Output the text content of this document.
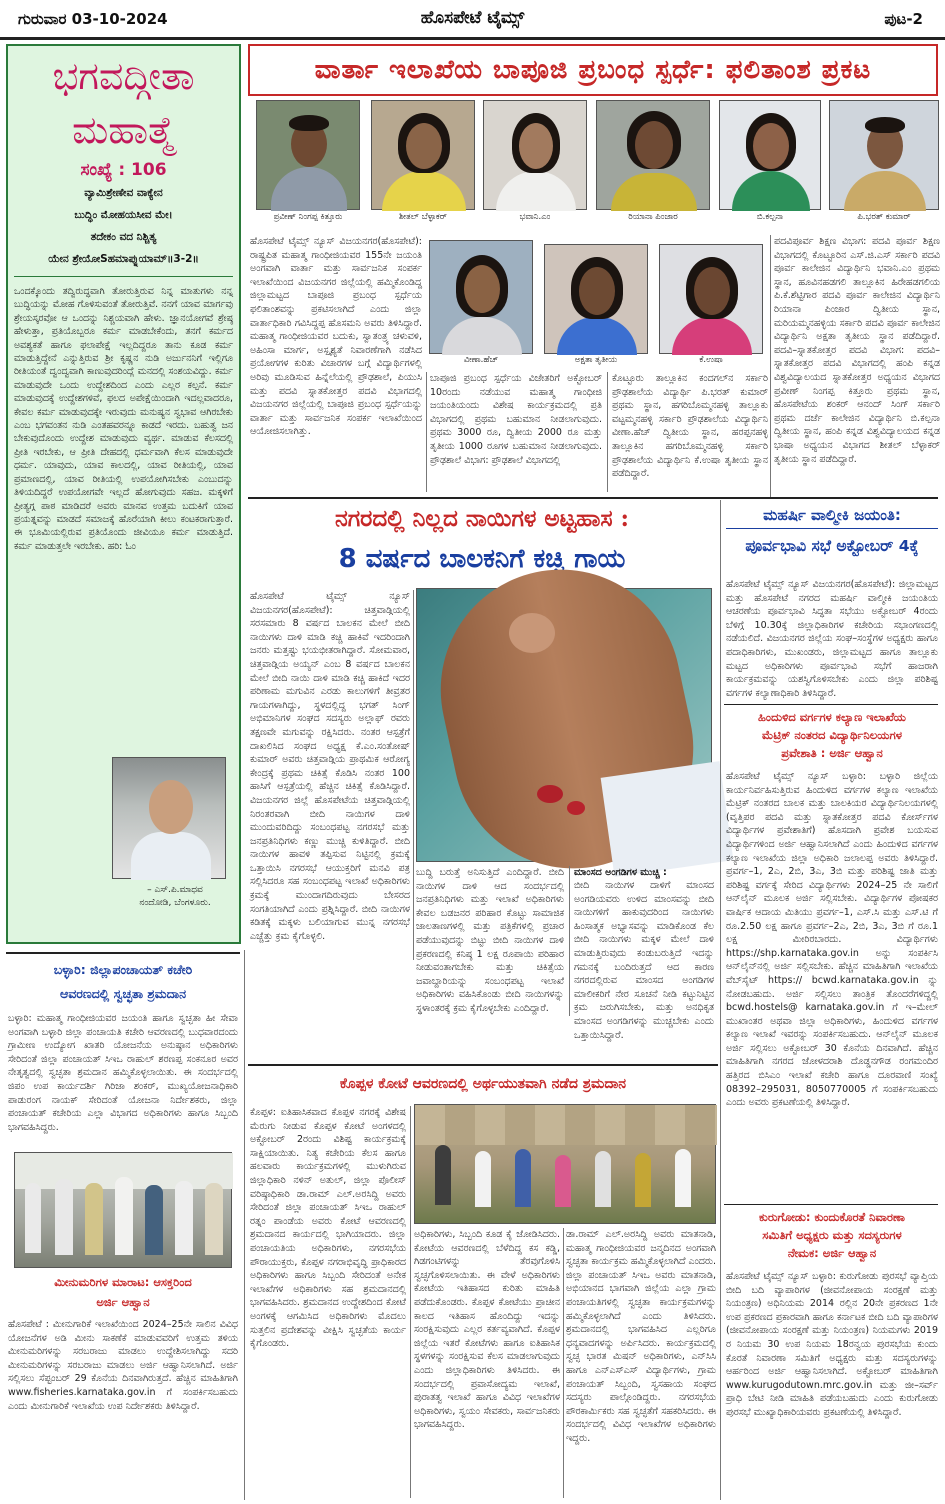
ಗುರುವಾರ 03-10-2024	ಹೊಸಪೇಟೆ ಟೈಮ್ಸ್	ಪುಟ-2
ಭಗವದ್ಗೀತಾ
ಮಹಾತ್ಮೆ
ಸಂಖ್ಯೆ : 106
ವ್ಯಾಮಿಶ್ರೇಣೇವ ವಾಕ್ಯೇನ
ಬುದ್ಧಿಂ ಮೋಹಯಸೀವ ಮೇ।
ತದೇಕಂ ವದ ನಿಶ್ಚಿತ್ಯ
ಯೇನ ಶ್ರೇಯೋSಹಮಾಪ್ನುಯಾಮ್॥3-2॥
ಒಂದಕ್ಕೊಂದು ತದ್ವಿರುದ್ಧವಾಗಿ ತೋರುತ್ತಿರುವ ನಿನ್ನ ಮಾತುಗಳು ನನ್ನ ಬುದ್ಧಿಯನ್ನು ಮೋಹ ಗೊಳಿಸುವಂತೆ ತೋರುತ್ತಿವೆ. ನನಗೆ ಯಾವ ಮಾರ್ಗವು ಶ್ರೇಯಸ್ಕರವೋ ಆ ಒಂದನ್ನು ನಿಶ್ಚಯವಾಗಿ ಹೇಳು. ಜ್ಞಾನಯೋಗವೆ ಶ್ರೇಷ್ಠ ಹೇಳುತ್ತಾ, ಪ್ರತಿಯೊಬ್ಬರೂ ಕರ್ಮ ಮಾಡಬೇಕೆಂದು, ತನಗೆ ಕರ್ಮದ ಅವಶ್ಯಕತೆ ಹಾಗೂ ಫಲಾಪೇಕ್ಷೆ ಇಲ್ಲದಿದ್ದರೂ ತಾನು ಕೂಡ ಕರ್ಮ ಮಾಡುತ್ತಿದ್ದೇನೆ ಎನ್ನುತ್ತಿರುವ ಶ್ರೀ ಕೃಷ್ಣನ ನುಡಿ ಅರ್ಜುನನಿಗೆ ಇಲ್ಲಿಗೂ ರೀತಿಯಂತೆ ದ್ವಂದ್ವವಾಗಿ ಕಾಣುವುದರಿಂದ್ಲೆ ಮನದಲ್ಲಿ ಸಂಶಯವಿದ್ದು. ಕರ್ಮ ಮಾಡುವುದೇ ಒಂದು ಉದ್ದೇಶದಿಂದ ಎಂದು ಎಲ್ಲರ ಕಲ್ಪನೆ. ಕರ್ಮ ಮಾಡುವುದಕ್ಕೆ ಉದ್ದೇಶಗಳಿವೆ, ಫಲದ ಅಪೇಕ್ಷೆಯಿಂದಾಗಿ ಇದಲ್ಲವಾದರೂ, ಕೇವಲ ಕರ್ಮ ಮಾಡುವುದಕ್ಕೇ ಇರುವುದು ಮನುಷ್ಯನ ಸ್ವಭಾವ ಆಗಿರಬೇಕು ಎಂಬ ಭಗವಂತನ ನುಡಿ ಎಂತಹವರನ್ನೂ ಕಾಡದೆ ಇರದು. ಬಹುತ್ವ ಜನ ಬೇಕುವುದೊಂದು ಉದ್ದೇಶ ಮಾಡುವುದು ವ್ಯರ್ಥ. ಮಾಡುವ ಕೆಲಸದಲ್ಲಿ ಪ್ರೀತಿ ಇರಬೇಕು, ಆ ಪ್ರೀತಿ ದೇಹದಲ್ಲಿ ಧರ್ಮವಾಗಿ ಕೆಲಸ ಮಾಡುವುದೇ ಧರ್ಮ. ಯಾವುದು, ಯಾವ ಕಾಲದಲ್ಲಿ, ಯಾವ ರೀತಿಯಲ್ಲಿ, ಯಾವ ಪ್ರಮಾಣದಲ್ಲಿ, ಯಾವ ರೀತಿಯಲ್ಲಿ ಉಪಯೋಗಿಸಬೇಕು ಎಂಬುದನ್ನು ತಿಳಿಯದಿದ್ದರೆ ಉಪಯೋಗವೇ ಇಲ್ಲದೆ ಹೋಗುವುದು ಸಹಜ. ಮಕ್ಕಳಿಗೆ ಪ್ರೀತ್ಯಗ್ಗ ಪಾಠ ಮಾಡಿದರೆ ಅವರು ಮಾನವ ಉತ್ತಮ ಬದುಕಿಗೆ ಯಾವ ಪ್ರಯತ್ನವನ್ನು ಮಾಡದೆ ಸಮಾಜಕ್ಕೆ ಹೊರೆಯಾಗಿ ಕೀಲು ಕಂಟಕರಾಗುತ್ತಾರೆ. ಈ ಭೂಮಿಯಲ್ಲಿರುವ ಪ್ರತಿಯೊಂದು ಜೀವಿಯೂ ಕರ್ಮ ಮಾಡುತ್ತಿದೆ. ಕರ್ಮ ಮಾಡುತ್ತಲೇ ಇರಬೇಕು. ಹರಿ: ಓಂ
– ಎಸ್.ಪಿ.ಮಾಧವ
ನಂದೋಡಿ, ಬೆಂಗಳೂರು.
ವಾರ್ತಾ ಇಲಾಖೆಯ ಬಾಪೂಜಿ ಪ್ರಬಂಧ ಸ್ಪರ್ಧೆ: ಫಲಿತಾಂಶ ಪ್ರಕಟ
ಪ್ರವೀಣ್ ನಿಂಗಪ್ಪ ಕಿತ್ತೂರು	ಶೀತಲ್ ಬೆಳ್ಳಾಕರ್	ಭವಾನಿ.ಎಂ	ರಿಯಾನಾ ಪಿಂಜಾರ	ಬಿ.ಕಲ್ಪನಾ	ಪಿ.ಭರತ್ ಕುಮಾರ್
ವೀಣಾ.ಹೆಚ್	ಅಕ್ಷತಾ ತೃತೀಯ	ಕೆ.ಉಷಾ
ಹೊಸಪೇಟೆ ಟೈಮ್ಸ್ ನ್ಯೂಸ್ ವಿಜಯನಗರ(ಹೊಸಪೇಟೆ): ರಾಷ್ಟ್ರಪಿತ ಮಹಾತ್ಮ ಗಾಂಧೀಜಿಯವರ 155ನೇ ಜಯಂತಿ ಅಂಗವಾಗಿ ವಾರ್ತಾ ಮತ್ತು ಸಾರ್ವಜನಿಕ ಸಂಪರ್ಕ ಇಲಾಖೆಯಿಂದ ವಿಜಯನಗರ ಜಿಲ್ಲೆಯಲ್ಲಿ ಹಮ್ಮಿಕೊಂಡಿದ್ದ ಜಿಲ್ಲಾಮಟ್ಟದ ಬಾಪೂಜಿ ಪ್ರಬಂಧ ಸ್ಪರ್ಧೆಯ ಫಲಿತಾಂಶವನ್ನು ಪ್ರಕಟಿಸಲಾಗಿದೆ ಎಂದು ಜಿಲ್ಲಾ ವಾರ್ತಾಧಿಕಾರಿ ಗವಿಸಿದ್ದಪ್ಪ ಹೊಸಮನಿ ಅವರು ತಿಳಿಸಿದ್ದಾರೆ. ಮಹಾತ್ಮ ಗಾಂಧೀಜಿಯವರ ಬದುಕು, ಸ್ವಾತಂತ್ರ್ಯ ಚಳುವಳಿ, ಅಹಿಂಸಾ ಮಾರ್ಗ, ಅಸ್ಪೃಶ್ಯತೆ ನಿವಾರಣೆಗಾಗಿ ನಡೆಸಿದ ಪ್ರಯೋಗಗಳ ಕುರಿತು ವಿಚಾರಗಳ ಬಗ್ಗೆ ವಿದ್ಯಾರ್ಥಿಗಳಲ್ಲಿ ಅರಿವು ಮೂಡಿಸುವ ಹಿನ್ನೆಲೆಯಲ್ಲಿ ಪ್ರೌಢಶಾಲೆ, ಪಿಯುಸಿ ಮತ್ತು ಪದವಿ ಸ್ನಾತಕೋತ್ತರ ಪದವಿ ವಿಭಾಗದಲ್ಲಿ ವಿಜಯನಗರ ಜಿಲ್ಲೆಯಲ್ಲಿ ಬಾಪೂಜಿ ಪ್ರಬಂಧ ಸ್ಪರ್ಧೆಯನ್ನು ವಾರ್ತಾ ಮತ್ತು ಸಾರ್ವಜನಿಕ ಸಂಪರ್ಕ ಇಲಾಖೆಯಿಂದ ಆಯೋಜಿಸಲಾಗಿತ್ತು.
ಬಾಪೂಜಿ ಪ್ರಬಂಧ ಸ್ಪರ್ಧೆಯ ವಿಜೇತರಿಗೆ ಅಕ್ಟೋಬರ್ 10ರಂದು ನಡೆಯುವ ಮಹಾತ್ಮ ಗಾಂಧೀಜಿ ಜಯಂತಿಯಂದು ವಿಶೇಷ ಕಾರ್ಯಕ್ರಮದಲ್ಲಿ ಪ್ರತಿ ವಿಭಾಗದಲ್ಲಿ ಪ್ರಥಮ ಬಹುಮಾನ ನೀಡಲಾಗುವುದು. ಪ್ರಥಮ 3000 ರೂ, ದ್ವಿತೀಯ 2000 ರೂ ಮತ್ತು ತೃತೀಯ 1000 ರೂಗಳ ಬಹುಮಾನ ನೀಡಲಾಗುವುದು. ಪ್ರೌಢಶಾಲೆ ವಿಭಾಗ: ಪ್ರೌಢಶಾಲೆ ವಿಭಾಗದಲ್ಲಿ
ಕೊಟ್ಟೂರು ತಾಲ್ಲೂಕಿನ ಕಂದಗಲ್‌ನ ಸರ್ಕಾರಿ ಪ್ರೌಢಶಾಲೆಯ ವಿದ್ಯಾರ್ಥಿ ಪಿ.ಭರತ್ ಕುಮಾರ್ ಪ್ರಥಮ ಸ್ಥಾನ, ಹಗರಿಬೊಮ್ಮನಹಳ್ಳಿ ತಾಲ್ಲೂಕು ವಟ್ಟಮ್ಮನಹಳ್ಳಿ ಸರ್ಕಾರಿ ಪ್ರೌಢಶಾಲೆಯ ವಿದ್ಯಾರ್ಥಿನಿ ವೀಣಾ.ಹೆಚ್ ದ್ವಿತೀಯ ಸ್ಥಾನ, ಹರಪ್ಪನಹಳ್ಳಿ ತಾಲ್ಲೂಕಿನ ಹಗರಿಬೊಮ್ಮನಹಳ್ಳಿ ಸರ್ಕಾರಿ ಪ್ರೌಢಶಾಲೆಯ ವಿದ್ಯಾರ್ಥಿನಿ ಕೆ.ಉಷಾ ತೃತೀಯ ಸ್ಥಾನ ಪಡೆದಿದ್ದಾರೆ.
ಪದವಿಪೂರ್ವ ಶಿಕ್ಷಣ ವಿಭಾಗ: ಪದವಿ ಪೂರ್ವ ಶಿಕ್ಷಣ ವಿಭಾಗದಲ್ಲಿ ಕೊಟ್ಟೂರಿನ ಎಸ್.ಜಿ.ಎಸ್ ಸರ್ಕಾರಿ ಪದವಿ ಪೂರ್ವ ಕಾಲೇಜಿನ ವಿದ್ಯಾರ್ಥಿನಿ ಭವಾನಿ.ಎಂ ಪ್ರಥಮ ಸ್ಥಾನ, ಹೂವಿನಹಡಗಲಿ ತಾಲ್ಲೂಕಿನ ಹಿರೇಹಡಗಲಿಯ ಪಿ.ಕೆ.ಶೆಟ್ಟಿಗಾರ ಪದವಿ ಪೂರ್ವ ಕಾಲೇಜಿನ ವಿದ್ಯಾರ್ಥಿನಿ ರಿಯಾನಾ ಪಿಂಜಾರ ದ್ವಿತೀಯ ಸ್ಥಾನ, ಮರಿಯಮ್ಮನಹಳ್ಳಿಯ ಸರ್ಕಾರಿ ಪದವಿ ಪೂರ್ವ ಕಾಲೇಜಿನ ವಿದ್ಯಾರ್ಥಿನಿ ಅಕ್ಷತಾ ತೃತೀಯ ಸ್ಥಾನ ಪಡೆದಿದ್ದಾರೆ. ಪದವಿ–ಸ್ನಾತಕೋತ್ತರ ಪದವಿ ವಿಭಾಗ: ಪದವಿ–ಸ್ನಾತಕೋತ್ತರ ಪದವಿ ವಿಭಾಗದಲ್ಲಿ ಹಂಪಿ ಕನ್ನಡ ವಿಶ್ವವಿದ್ಯಾಲಯದ ಸ್ನಾತಕೋತ್ತರ ಅಧ್ಯಯನ ವಿಭಾಗದ ಪ್ರವೀಣ್ ನಿಂಗಪ್ಪ ಕಿತ್ತೂರು ಪ್ರಥಮ ಸ್ಥಾನ, ಹೊಸಪೇಟೆಯ ಶಂಕರ್ ಆನಂದ್ ಸಿಂಗ್ ಸರ್ಕಾರಿ ಪ್ರಥಮ ದರ್ಜೆ ಕಾಲೇಜಿನ ವಿದ್ಯಾರ್ಥಿನಿ ಬಿ.ಕಲ್ಪನಾ ದ್ವಿತೀಯ ಸ್ಥಾನ, ಹಂಪಿ ಕನ್ನಡ ವಿಶ್ವವಿದ್ಯಾಲಯದ ಕನ್ನಡ ಭಾಷಾ ಅಧ್ಯಯನ ವಿಭಾಗದ ಶೀತಲ್ ಬೆಳ್ಳಾಕರ್ ತೃತೀಯ ಸ್ಥಾನ ಪಡೆದಿದ್ದಾರೆ.
ನಗರದಲ್ಲಿ ನಿಲ್ಲದ ನಾಯಿಗಳ ಅಟ್ಟಹಾಸ :
8 ವರ್ಷದ ಬಾಲಕನಿಗೆ ಕಚ್ಚಿ ಗಾಯ
ಹೊಸಪೇಟೆ ಟೈಮ್ಸ್ ನ್ಯೂಸ್ ವಿಜಯನಗರ(ಹೊಸಪೇಟೆ): ಚಿತ್ತವಾಡ್ಗಿಯಲ್ಲಿ ಸರಸಮಾರು 8 ವರ್ಷದ ಬಾಲಕನ ಮೇಲೆ ಬೀದಿ ನಾಯಿಗಳು ದಾಳಿ ಮಾಡಿ ಕಚ್ಚಿ ಹಾಕಿವೆ ಇದರಿಂದಾಗಿ ಜನರು ಮತ್ತಷ್ಟು ಭಯಭೀತರಾಗಿದ್ದಾರೆ. ಸೋಮವಾರ, ಚಿತ್ತವಾಡ್ಗಿಯ ಅಯ್ಯನ್ ಎಂಬ 8 ವರ್ಷದ ಬಾಲಕನ ಮೇಲೆ ಬೀದಿ ನಾಯಿ ದಾಳಿ ಮಾಡಿ ಕಚ್ಚಿ ಹಾಕಿದೆ ಇದರ ಪರಿಣಾಮ ಮಗುವಿನ ಎರಡು ಕಾಲುಗಳಿಗೆ ತೀವ್ರತರ ಗಾಯಗಳಾಗಿದ್ದು, ಸ್ಥಳದಲ್ಲಿದ್ದ ಭಗತ್ ಸಿಂಗ್ ಅಭಿಮಾನಿಗಳ ಸಂಘದ ಸದಸ್ಯರು ಅಲ್ಲಾಫ್ ರವರು ತಕ್ಷಣವೇ ಮಗುವನ್ನು ರಕ್ಷಿಸಿದರು. ನಂತರ ಆಸ್ಪತ್ರೆಗೆ ದಾಖಲಿಸಿದ ಸಂಘದ ಅಧ್ಯಕ್ಷ ಕೆ.ಎಂ.ಸಂತೋಷ್ ಕುಮಾರ್ ಅವರು ಚಿತ್ತವಾಡ್ಗಿಯ ಪ್ರಾಥಮಿಕ ಆರೋಗ್ಯ ಕೇಂದ್ರಕ್ಕೆ ಪ್ರಥಮ ಚಿಕಿತ್ಸೆ ಕೊಡಿಸಿ ನಂತರ 100 ಹಾಸಿಗೆ ಆಸ್ಪತ್ರೆಯಲ್ಲಿ ಹೆಚ್ಚಿನ ಚಿಕಿತ್ಸೆ ಕೊಡಿಸಿದ್ದಾರೆ. ವಿಜಯನಗರ ಜಿಲ್ಲೆ ಹೊಸಪೇಟೆಯ ಚಿತ್ತವಾಡ್ಗಿಯಲ್ಲಿ ನಿರಂತರವಾಗಿ ಬೀದಿ ನಾಯಿಗಳ ದಾಳಿ ಮುಂದುವರಿದಿದ್ದು ಸಂಬಂಧಪಟ್ಟ ನಗರಸಭೆ ಮತ್ತು ಜನಪ್ರತಿನಿಧಿಗಳು ಕಣ್ಣು ಮುಚ್ಚಿ ಕುಳಿತಿದ್ದಾರೆ. ಬೀದಿ ನಾಯಿಗಳ ಹಾವಳಿ ತಪ್ಪಿಸುವ ನಿಟ್ಟಿನಲ್ಲಿ ಕ್ರಮಕ್ಕೆ ಒತ್ತಾಯಿಸಿ ನಗರಸಭೆ ಆಯುಕ್ತರಿಗೆ ಮನವಿ ಪತ್ರ ಸಲ್ಲಿಸಿದರೂ ಸಹ ಸಂಬಂಧಪಟ್ಟ ಇಲಾಖೆ ಅಧಿಕಾರಿಗಳು ಕ್ರಮಕ್ಕೆ ಮುಂದಾಗದಿರುವುದು ಬೇಸರದ ಸಂಗತಿಯಾಗಿದೆ ಎಂದು ಪ್ರಶ್ನಿಸಿದ್ದಾರೆ. ಬೀದಿ ನಾಯಿಗಳ ಕಡಿತಕ್ಕೆ ಮಕ್ಕಳು ಬಲಿಯಾಗುವ ಮುನ್ನ ನಗರಸಭೆ ಎಚ್ಚೆತ್ತು ಕ್ರಮ ಕೈಗೊಳ್ಳಲಿ.
ಬುದ್ದಿ ಬರುತ್ತೆ ಅನಿಸುತ್ತಿದೆ ಎಂದಿದ್ದಾರೆ. ಬೀದಿ ನಾಯಿಗಳ ದಾಳಿ ಆದ ಸಂದರ್ಭದಲ್ಲಿ ಜನಪ್ರತಿನಿಧಿಗಳು ಮತ್ತು ಇಲಾಖೆ ಅಧಿಕಾರಿಗಳು ಕೇವಲ ಬಡಜನರ ಪರಿಹಾರ ಕೊಟ್ಟು ಸಾಮಾಜಿಕ ಜಾಲತಾಣಗಳಲ್ಲಿ ಮತ್ತು ಪತ್ರಿಕೆಗಳಲ್ಲಿ ಪ್ರಚಾರ ಪಡೆಯುವುದನ್ನು ಬಿಟ್ಟು ಬೀದಿ ನಾಯಿಗಳ ದಾಳಿ ಪ್ರಕರಣದಲ್ಲಿ ಕನಿಷ್ಠ 1 ಲಕ್ಷ ರೂಪಾಯಿ ಪರಿಹಾರ ನೀಡುವಂತಾಗಬೇಕು ಮತ್ತು ಚಿಕಿತ್ಸೆಯ ಜವಾಬ್ದಾರಿಯನ್ನು ಸಂಬಂಧಪಟ್ಟ ಇಲಾಖೆ ಅಧಿಕಾರಿಗಳು ವಹಿಸಿಕೊಂಡು ಬೀದಿ ನಾಯಿಗಳನ್ನು ಸ್ಥಳಾಂತರಕ್ಕೆ ಕ್ರಮ ಕೈಗೊಳ್ಳಬೇಕು ಎಂದಿದ್ದಾರೆ.
ಮಾಂಸದ ಅಂಗಡಿಗಳ ಮುಚ್ಚಿ :
ಬೀದಿ ನಾಯಿಗಳ ದಾಳಿಗೆ ಮಾಂಸದ ಅಂಗಡಿಯವರು ಉಳಿದ ಮಾಂಸವನ್ನು ಬೀದಿ ನಾಯಿಗಳಿಗೆ ಹಾಕುವುದರಿಂದ ನಾಯಿಗಳು ಹಿಂಸಾತ್ಮಕ ಅಭ್ಯಾಸವನ್ನು ಮಾಡಿಕೊಂಡ ಕೆಲ ಬೀದಿ ನಾಯಿಗಳು ಮಕ್ಕಳ ಮೇಲೆ ದಾಳಿ ಮಾಡುತ್ತಿರುವುದು ಕಂಡುಬರುತ್ತಿದೆ ಇದನ್ನು ಗಮನಕ್ಕೆ ಬಂದಿರುತ್ತದೆ ಆದ ಕಾರಣ ನಗರದಲ್ಲಿರುವ ಮಾಂಸದ ಅಂಗಡಿಗಳ ಮಾಲೀಕರಿಗೆ ನೇರ ಸೂಚನೆ ನೀಡಿ ಕಟ್ಟುನಿಟ್ಟಿನ ಕ್ರಮ ಜರುಗಿಸಬೇಕು, ಮತ್ತು ಅನಧಿಕೃತ ಮಾಂಸದ ಅಂಗಡಿಗಳನ್ನು ಮುಚ್ಚಬೇಕು ಎಂದು ಒತ್ತಾಯಿಸಿದ್ದಾರೆ.
ಮಹರ್ಷಿ ವಾಲ್ಮೀಕಿ ಜಯಂತಿ:
ಪೂರ್ವಭಾವಿ ಸಭೆ ಅಕ್ಟೋಬರ್ 4ಕ್ಕೆ
ಹೊಸಪೇಟೆ ಟೈಮ್ಸ್ ನ್ಯೂಸ್ ವಿಜಯನಗರ(ಹೊಸಪೇಟೆ): ಜಿಲ್ಲಾಮಟ್ಟದ ಮತ್ತು ಹೊಸಪೇಟೆ ನಗರದ ಮಹರ್ಷಿ ವಾಲ್ಮೀಕಿ ಜಯಂತಿಯ ಆಚರಣೆಯ ಪೂರ್ವಭಾವಿ ಸಿದ್ಧತಾ ಸಭೆಯು ಅಕ್ಟೋಬರ್ 4ರಂದು ಬೆಳಿಗ್ಗೆ 10.30ಕ್ಕೆ ಜಿಲ್ಲಾಧಿಕಾರಿಗಳ ಕಚೇರಿಯ ಸಭಾಂಗಣದಲ್ಲಿ ನಡೆಯಲಿದೆ. ವಿಜಯನಗರ ಜಿಲ್ಲೆಯ ಸಂಘ–ಸಂಸ್ಥೆಗಳ ಅಧ್ಯಕ್ಷರು ಹಾಗೂ ಪದಾಧಿಕಾರಿಗಳು, ಮುಖಂಡರು, ಜಿಲ್ಲಾಮಟ್ಟದ ಹಾಗೂ ತಾಲ್ಲೂಕು ಮಟ್ಟದ ಅಧಿಕಾರಿಗಳು ಪೂರ್ವಭಾವಿ ಸಭೆಗೆ ಹಾಜರಾಗಿ ಕಾರ್ಯಕ್ರಮವನ್ನು ಯಶಸ್ವಿಗೊಳಿಸಬೇಕು ಎಂದು ಜಿಲ್ಲಾ ಪರಿಶಿಷ್ಟ ವರ್ಗಗಳ ಕಲ್ಯಾಣಾಧಿಕಾರಿ ತಿಳಿಸಿದ್ದಾರೆ.
ಹಿಂದುಳಿದ ವರ್ಗಗಳ ಕಲ್ಯಾಣ ಇಲಾಖೆಯ
ಮೆಟ್ರಿಕ್ ನಂತರದ ವಿದ್ಯಾರ್ಥಿನಿಲಯಗಳ
ಪ್ರವೇಶಾತಿ : ಅರ್ಜಿ ಆಹ್ವಾನ
ಹೊಸಪೇಟೆ ಟೈಮ್ಸ್ ನ್ಯೂಸ್ ಬಳ್ಳಾರಿ: ಬಳ್ಳಾರಿ ಜಿಲ್ಲೆಯ ಕಾರ್ಯನಿರ್ವಹಿಸುತ್ತಿರುವ ಹಿಂದುಳಿದ ವರ್ಗಗಳ ಕಲ್ಯಾಣ ಇಲಾಖೆಯ ಮೆಟ್ರಿಕ್ ನಂತರದ ಬಾಲಕ ಮತ್ತು ಬಾಲಕಿಯರ ವಿದ್ಯಾರ್ಥಿನಿಲಯಗಳಲ್ಲಿ (ವೃತ್ತಿಪರ ಪದವಿ ಮತ್ತು ಸ್ನಾತಕೋತ್ತರ ಪದವಿ ಕೋರ್ಸ್‌ಗಳ ವಿದ್ಯಾರ್ಥಿಗಳ ಪ್ರವೇಶಾತಿಗೆ) ಹೊಸದಾಗಿ ಪ್ರವೇಶ ಬಯಸುವ ವಿದ್ಯಾರ್ಥಿಗಳಿಂದ ಅರ್ಜಿ ಆಹ್ವಾನಿಸಲಾಗಿದೆ ಎಂದು ಹಿಂದುಳಿದ ವರ್ಗಗಳ ಕಲ್ಯಾಣ ಇಲಾಖೆಯ ಜಿಲ್ಲಾ ಅಧಿಕಾರಿ ಜಲಾಲಪ್ಪ ಅವರು ತಿಳಿಸಿದ್ದಾರೆ. ಪ್ರವರ್ಗ–1, 2ಎ, 2ಬಿ, 3ಎ, 3ಬಿ ಮತ್ತು ಪರಿಶಿಷ್ಟ ಜಾತಿ ಮತ್ತು ಪರಿಶಿಷ್ಟ ವರ್ಗಕ್ಕೆ ಸೇರಿದ ವಿದ್ಯಾರ್ಥಿಗಳು 2024–25 ನೇ ಸಾಲಿಗೆ ಆನ್‌ಲೈನ್ ಮೂಲಕ ಅರ್ಜಿ ಸಲ್ಲಿಸಬೇಕು. ವಿದ್ಯಾರ್ಥಿಗಳ ಪೋಷಕರ ವಾರ್ಷಿಕ ಆದಾಯ ಮಿತಿಯು ಪ್ರವರ್ಗ–1, ಎಸ್.ಸಿ ಮತ್ತು ಎಸ್.ಟಿ ಗೆ ರೂ.2.50 ಲಕ್ಷ ಹಾಗೂ ಪ್ರವರ್ಗ–2ಎ, 2ಬಿ, 3ಎ, 3ಬಿ ಗೆ ರೂ.1 ಲಕ್ಷ ಮೀರಿರಬಾರದು. ವಿದ್ಯಾರ್ಥಿಗಳು https://shp.karnataka.gov.in ಅನ್ನು ಸಂಪರ್ಕಿಸಿ ಆನ್‌ಲೈನ್‌ನಲ್ಲಿ ಅರ್ಜಿ ಸಲ್ಲಿಸಬೇಕು. ಹೆಚ್ಚಿನ ಮಾಹಿತಿಗಾಗಿ ಇಲಾಖೆಯ ವೆಬ್‌ಸೈಟ್ https:// bcwd.karnataka.gov.in ನ್ನು ನೋಡಬಹುದು. ಅರ್ಜಿ ಸಲ್ಲಿಸಲು ತಾಂತ್ರಿಕ ತೊಂದರೆಗಳಿದ್ದಲ್ಲಿ bcwd.hostels@ karnataka.gov.in ಗೆ ಇ–ಮೇಲ್ ಮುಖಾಂತರ ಅಥವಾ ಜಿಲ್ಲಾ ಅಧಿಕಾರಿಗಳು, ಹಿಂದುಳಿದ ವರ್ಗಗಳ ಕಲ್ಯಾಣ ಇಲಾಖೆ ಇವರನ್ನು ಸಂಪರ್ಕಿಸಬಹುದು. ಆನ್‌ಲೈನ್ ಮೂಲಕ ಅರ್ಜಿ ಸಲ್ಲಿಸಲು ಅಕ್ಟೋಬರ್ 30 ಕೊನೆಯ ದಿನವಾಗಿದೆ. ಹೆಚ್ಚಿನ ಮಾಹಿತಿಗಾಗಿ ನಗರದ ಜೋಳದರಾಶಿ ದೊಡ್ಡನಗೌಡ ರಂಗಮಂದಿರ ಹತ್ತಿರದ ಬಿಸಿಎಂ ಇಲಾಖೆ ಕಚೇರಿ ಹಾಗೂ ದೂರವಾಣಿ ಸಂಖ್ಯೆ 08392–295031, 8050770005 ಗೆ ಸಂಪರ್ಕಿಸಬಹುದು ಎಂದು ಅವರು ಪ್ರಕಟಣೆಯಲ್ಲಿ ತಿಳಿಸಿದ್ದಾರೆ.
ಕುರುಗೋಡು: ಕುಂದುಕೊರತೆ ನಿವಾರಣಾ
ಸಮಿತಿಗೆ ಅಧ್ಯಕ್ಷರು ಮತ್ತು ಸದಸ್ಯರುಗಳ
ನೇಮಕ: ಅರ್ಜಿ ಆಹ್ವಾನ
ಹೊಸಪೇಟೆ ಟೈಮ್ಸ್ ನ್ಯೂಸ್ ಬಳ್ಳಾರಿ: ಕುರುಗೋಡು ಪುರಸಭೆ ವ್ಯಾಪ್ತಿಯ ಬೀದಿ ಬದಿ ವ್ಯಾಪಾರಿಗಳ (ಜೀವನೋಪಾಯ ಸಂರಕ್ಷಣೆ ಮತ್ತು ನಿಯಂತ್ರಣ) ಅಧಿನಿಯಮ 2014 ರಲ್ಲಿನ 20ನೇ ಪ್ರಕರಣದ 1ನೇ ಉಪ ಪ್ರಕರಣದ ಪ್ರಕಾರವಾಗಿ ಹಾಗೂ ಕರ್ನಾಟಕ ಬೀದಿ ಬದಿ ವ್ಯಾಪಾರಿಗಳ (ಜೀವನೋಪಾಯ ಸಂರಕ್ಷಣೆ ಮತ್ತು ನಿಯಂತ್ರಣ) ನಿಯಮಗಳು 2019 ರ ನಿಯಮ 30 ಉಪ ನಿಯಮ 18ರನ್ವಯ ಪುರಸಭೆಯ ಕುಂದು ಕೊರತೆ ನಿವಾರಣಾ ಸಮಿತಿಗೆ ಅಧ್ಯಕ್ಷರು ಮತ್ತು ಸದಸ್ಯರುಗಳನ್ನು ಆರ್ಹರಿಂದ ಅರ್ಜಿ ಆಹ್ವಾನಿಸಲಾಗಿದೆ. ಅಕ್ಟೋಬರ್ ಮಾಹಿತಿಗಾಗಿ www.kurugodutown.mrc.gov.in ಮತ್ತು ಜೀ–ಸರ್ವ್ ಪ್ರಾಧಿ ಬೇಟಿ ನೀಡಿ ಮಾಹಿತಿ ಪಡೆಯಬಹುದು ಎಂದು ಕುರುಗೋಡು ಪುರಸಭೆ ಮುಖ್ಯಾಧಿಕಾರಿಯವರು ಪ್ರಕಟಣೆಯಲ್ಲಿ ತಿಳಿಸಿದ್ದಾರೆ.
ಬಳ್ಳಾರಿ: ಜಿಲ್ಲಾಪಂಚಾಯತ್ ಕಚೇರಿ
ಆವರಣದಲ್ಲಿ ಸ್ವಚ್ಛತಾ ಶ್ರಮದಾನ
ಬಳ್ಳಾರಿ: ಮಹಾತ್ಮ ಗಾಂಧೀಜಿಯವರ ಜಯಂತಿ ಹಾಗೂ ಸ್ವಚ್ಛತಾ ಹೀ ಸೇವಾ ಅಂಗವಾಗಿ ಬಳ್ಳಾರಿ ಜಿಲ್ಲಾ ಪಂಚಾಯತಿ ಕಚೇರಿ ಆವರಣದಲ್ಲಿ ಬುಧವಾರದಂದು ಗ್ರಾಮೀಣ ಉದ್ಯೋಗ ಖಾತರಿ ಯೋಜನೆಯ ಅನುಷ್ಠಾನ ಅಧಿಕಾರಿಗಳು ಸೇರಿದಂತೆ ಜಿಲ್ಲಾ ಪಂಚಾಯತ್ ಸಿಇಒ ರಾಹುಲ್ ಶರಣಪ್ಪ ಸಂಕನೂರ ಅವರ ನೇತೃತ್ವದಲ್ಲಿ ಸ್ವಚ್ಛತಾ ಶ್ರಮದಾನ ಹಮ್ಮಿಕೊಳ್ಳಲಾಯಿತು. ಈ ಸಂದರ್ಭದಲ್ಲಿ ಜಿಪಂ ಉಪ ಕಾರ್ಯದರ್ಶಿ ಗಿರಿಜಾ ಶಂಕರ್, ಮುಖ್ಯಯೋಜನಾಧಿಕಾರಿ ಪಾಡುರಂಗ ನಾಯಕ್ ಸೇರಿದಂತೆ ಯೋಜನಾ ನಿರ್ದೇಶಕರು, ಜಿಲ್ಲಾ ಪಂಚಾಯತ್ ಕಚೇರಿಯ ಎಲ್ಲಾ ವಿಭಾಗದ ಅಧಿಕಾರಿಗಳು ಹಾಗೂ ಸಿಬ್ಬಂದಿ ಭಾಗವಹಿಸಿದ್ದರು.
ಮೀನುಮರಿಗಳ ಮಾರಾಟ: ಆಸಕ್ತರಿಂದ
ಅರ್ಜಿ ಆಹ್ವಾನ
ಹೊಸಪೇಟೆ : ಮೀನುಗಾರಿಕೆ ಇಲಾಖೆಯಿಂದ 2024–25ನೇ ಸಾಲಿನ ವಿವಿಧ ಯೋಜನೆಗಳ ಅಡಿ ಮೀನು ಸಾಕಣೆಕೆ ಮಾಡುವವರಿಗೆ ಉತ್ತಮ ತಳಿಯ ಮೀನುಮರಿಗಳನ್ನು ಸರಬರಾಜು ಮಾಡಲು ಉದ್ದೇಶಿಸಲಾಗಿದ್ದು ಸದರಿ ಮೀನುಮರಿಗಳನ್ನು ಸರಬರಾಜು ಮಾಡಲು ಅರ್ಜಿ ಆಹ್ವಾನಿಸಲಾಗಿದೆ. ಅರ್ಜಿ ಸಲ್ಲಿಸಲು ಸೆಪ್ಟಂಬರ್ 29 ಕೊನೆಯ ದಿನವಾಗಿರುತ್ತದೆ. ಹೆಚ್ಚಿನ ಮಾಹಿತಿಗಾಗಿ www.fisheries.karnataka.gov.in ಗೆ ಸಂಪರ್ಕಿಸಬಹುದು ಎಂದು ಮೀನುಗಾರಿಕೆ ಇಲಾಖೆಯ ಉಪ ನಿರ್ದೇಶಕರು ತಿಳಿಸಿದ್ದಾರೆ.
ಕೊಪ್ಪಳ ಕೋಟೆ ಆವರಣದಲ್ಲಿ ಅರ್ಥಯುತವಾಗಿ ನಡೆದ ಶ್ರಮದಾನ
ಕೊಪ್ಪಳ: ಐತಿಹಾಸಿಕವಾದ ಕೊಪ್ಪಳ ನಗರಕ್ಕೆ ವಿಶೇಷ ಮೆರುಗು ನೀಡುವ ಕೊಪ್ಪಳ ಕೋಟೆ ಅಂಗಳದಲ್ಲಿ ಅಕ್ಟೋಬರ್ 2ರಂದು ವಿಶಿಷ್ಟ ಕಾರ್ಯಕ್ರಮಕ್ಕೆ ಸಾಕ್ಷಿಯಾಯಿತು. ನಿತ್ಯ ಕಚೇರಿಯ ಕೆಲಸ ಹಾಗೂ ಹಲವಾರು ಕಾರ್ಯಕ್ರಮಗಳಲ್ಲಿ ಮುಳುಗಿರುವ ಜಿಲ್ಲಾಧಿಕಾರಿ ನಳಿನ್ ಅತುಲ್, ಜಿಲ್ಲಾ ಪೊಲೀಸ್ ವರಿಷ್ಠಾಧಿಕಾರಿ ಡಾ.ರಾಮ್ ಎಲ್.ಅರಸಿದ್ದಿ ಅವರು ಸೇರಿದಂತೆ ಜಿಲ್ಲಾ ಪಂಚಾಯತ್ ಸಿಇಒ ರಾಹುಲ್ ರತ್ನಂ ಪಾಂಡೆಯ ಅವರು ಕೋಟೆ ಆವರಣದಲ್ಲಿ ಶ್ರಮದಾನದ ಕಾರ್ಯದಲ್ಲಿ ಭಾಗಿಯಾದರು. ಜಿಲ್ಲಾ ಪಂಚಾಯತಿಯ ಅಧಿಕಾರಿಗಳು, ನಗರಸಭೆಯ ಪೌರಾಯುಕ್ತರು, ಕೊಪ್ಪಳ ನಗರಾಭಿವೃದ್ಧಿ ಪ್ರಾಧಿಕಾರದ ಅಧಿಕಾರಿಗಳು ಹಾಗೂ ಸಿಬ್ಬಂದಿ ಸೇರಿದಂತೆ ಅನೇಕ ಇಲಾಖೆಗಳ ಅಧಿಕಾರಿಗಳು ಸಹ ಶ್ರಮದಾನದಲ್ಲಿ ಭಾಗವಹಿಸಿದರು. ಶ್ರಮದಾನದ ಉದ್ದೇಶದಿಂದ ಕೋಟೆ ಅಂಗಳಕ್ಕೆ ಆಗಮಿಸಿದ ಅಧಿಕಾರಿಗಳು ಮೊದಲು ಸುತ್ತಲಿನ ಪ್ರದೇಶವನ್ನು ವೀಕ್ಷಿಸಿ ಸ್ವಚ್ಛತೆಯ ಕಾರ್ಯ ಕೈಗೊಂಡರು.
ಅಧಿಕಾರಿಗಳು, ಸಿಬ್ಬಂದಿ ಕೂಡ ಕೈ ಜೋಡಿಸಿದರು. ಕೋಟೆಯ ಆವರಣದಲ್ಲಿ ಬೆಳೆದಿದ್ದ ಕಸ ಕಡ್ಡಿ, ಗಿಡಗಂಟಿಗಳನ್ನು ತೆರವುಗೊಳಿಸಿ ಸ್ವಚ್ಛಗೊಳಿಸಲಾಯಿತು. ಈ ವೇಳೆ ಅಧಿಕಾರಿಗಳು ಕೋಟೆಯ ಇತಿಹಾಸದ ಕುರಿತು ಮಾಹಿತಿ ಪಡೆದುಕೊಂಡರು. ಕೊಪ್ಪಳ ಕೋಟೆಯು ಪ್ರಾಚೀನ ಕಾಲದ ಇತಿಹಾಸ ಹೊಂದಿದ್ದು ಇದನ್ನು ಸಂರಕ್ಷಿಸುವುದು ಎಲ್ಲರ ಕರ್ತವ್ಯವಾಗಿದೆ. ಕೊಪ್ಪಳ ಜಿಲ್ಲೆಯ ಇತರೆ ಕೋಟೆಗಳು ಹಾಗೂ ಐತಿಹಾಸಿಕ ಸ್ಥಳಗಳನ್ನು ಸಂರಕ್ಷಿಸುವ ಕೆಲಸ ಮಾಡಲಾಗುವುದು ಎಂದು ಜಿಲ್ಲಾಧಿಕಾರಿಗಳು ತಿಳಿಸಿದರು. ಈ ಸಂದರ್ಭದಲ್ಲಿ ಪ್ರವಾಸೋದ್ಯಮ ಇಲಾಖೆ, ಪುರಾತತ್ವ ಇಲಾಖೆ ಹಾಗೂ ವಿವಿಧ ಇಲಾಖೆಗಳ ಅಧಿಕಾರಿಗಳು, ಸ್ವಯಂ ಸೇವಕರು, ಸಾರ್ವಜನಿಕರು ಭಾಗವಹಿಸಿದ್ದರು.
ಡಾ.ರಾಮ್ ಎಲ್.ಅರಸಿದ್ದಿ ಅವರು ಮಾತನಾಡಿ, ಮಹಾತ್ಮ ಗಾಂಧೀಜಿಯವರ ಜನ್ಮದಿನದ ಅಂಗವಾಗಿ ಸ್ವಚ್ಛತಾ ಕಾರ್ಯಕ್ರಮ ಹಮ್ಮಿಕೊಳ್ಳಲಾಗಿದೆ ಎಂದರು. ಜಿಲ್ಲಾ ಪಂಚಾಯತ್ ಸಿಇಒ ಅವರು ಮಾತನಾಡಿ, ಅಭಿಯಾನದ ಭಾಗವಾಗಿ ಜಿಲ್ಲೆಯ ಎಲ್ಲಾ ಗ್ರಾಮ ಪಂಚಾಯತಿಗಳಲ್ಲಿ ಸ್ವಚ್ಛತಾ ಕಾರ್ಯಕ್ರಮಗಳನ್ನು ಹಮ್ಮಿಕೊಳ್ಳಲಾಗಿದೆ ಎಂದು ತಿಳಿಸಿದರು. ಶ್ರಮದಾನದಲ್ಲಿ ಭಾಗವಹಿಸಿದ ಎಲ್ಲರಿಗೂ ಧನ್ಯವಾದಗಳನ್ನು ಅರ್ಪಿಸಿದರು. ಕಾರ್ಯಕ್ರಮದಲ್ಲಿ ಸ್ವಚ್ಛ ಭಾರತ ಮಿಷನ್ ಅಧಿಕಾರಿಗಳು, ಎನ್‌ಸಿಸಿ ಹಾಗೂ ಎನ್‌ಎಸ್‌ಎಸ್ ವಿದ್ಯಾರ್ಥಿಗಳು, ಗ್ರಾಮ ಪಂಚಾಯತ್ ಸಿಬ್ಬಂದಿ, ಸ್ವಸಹಾಯ ಸಂಘದ ಸದಸ್ಯರು ಪಾಲ್ಗೊಂಡಿದ್ದರು. ನಗರಸಭೆಯ ಪೌರಕಾರ್ಮಿಕರು ಸಹ ಸ್ವಚ್ಛತೆಗೆ ಸಹಕರಿಸಿದರು. ಈ ಸಂದರ್ಭದಲ್ಲಿ ವಿವಿಧ ಇಲಾಖೆಗಳ ಅಧಿಕಾರಿಗಳು ಇದ್ದರು.
